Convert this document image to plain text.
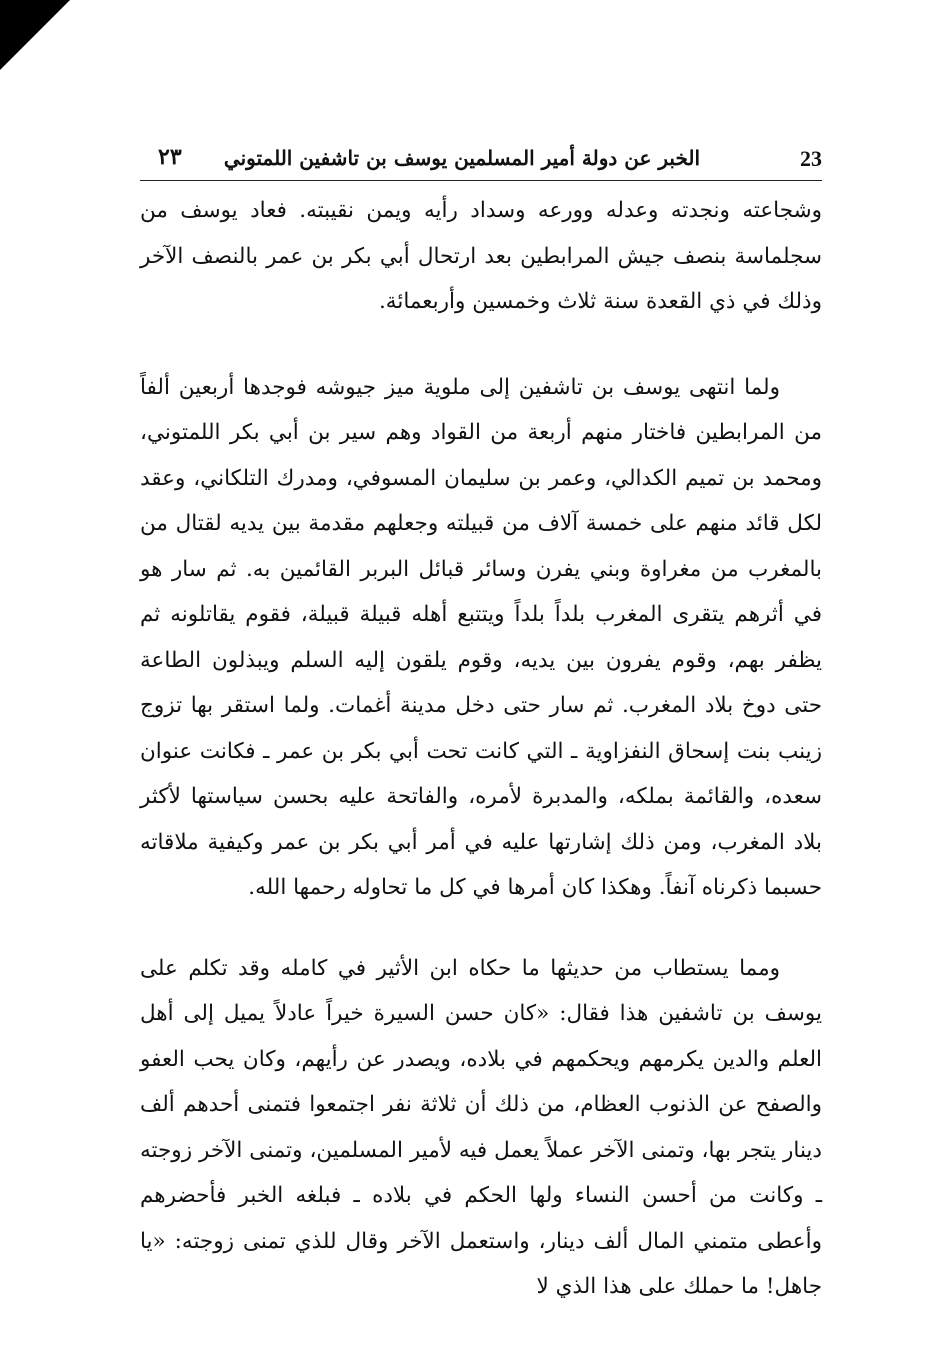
٢٣ الخبر عن دولة أمير المسلمين يوسف بن تاشفين اللمتوني	23

وشجاعته ونجدته وعدله وورعه وسداد رأيه ويمن نقيبته. فعاد يوسف من سجلماسة بنصف جيش المرابطين بعد ارتحال أبي بكر بن عمر بالنصف الآخر وذلك في ذي القعدة سنة ثلاث وخمسين وأربعمائة.

ولما انتهى يوسف بن تاشفين إلى ملوية ميز جيوشه فوجدها أربعين ألفاً من المرابطين فاختار منهم أربعة من القواد وهم سير بن أبي بكر اللمتوني، ومحمد بن تميم الكدالي، وعمر بن سليمان المسوفي، ومدرك التلكاني، وعقد لكل قائد منهم على خمسة آلاف من قبيلته وجعلهم مقدمة بين يديه لقتال من بالمغرب من مغراوة وبني يفرن وسائر قبائل البربر القائمين به. ثم سار هو في أثرهم يتقرى المغرب بلداً بلداً ويتتبع أهله قبيلة قبيلة، فقوم يقاتلونه ثم يظفر بهم، وقوم يفرون بين يديه، وقوم يلقون إليه السلم ويبذلون الطاعة حتى دوخ بلاد المغرب. ثم سار حتى دخل مدينة أغمات. ولما استقر بها تزوج زينب بنت إسحاق النفزاوية ـ التي كانت تحت أبي بكر بن عمر ـ فكانت عنوان سعده، والقائمة بملكه، والمدبرة لأمره، والفاتحة عليه بحسن سياستها لأكثر بلاد المغرب، ومن ذلك إشارتها عليه في أمر أبي بكر بن عمر وكيفية ملاقاته حسبما ذكرناه آنفاً. وهكذا كان أمرها في كل ما تحاوله رحمها الله.

ومما يستطاب من حديثها ما حكاه ابن الأثير في كامله وقد تكلم على يوسف بن تاشفين هذا فقال: «كان حسن السيرة خيراً عادلاً يميل إلى أهل العلم والدين يكرمهم ويحكمهم في بلاده، ويصدر عن رأيهم، وكان يحب العفو والصفح عن الذنوب العظام، من ذلك أن ثلاثة نفر اجتمعوا فتمنى أحدهم ألف دينار يتجر بها، وتمنى الآخر عملاً يعمل فيه لأمير المسلمين، وتمنى الآخر زوجته ـ وكانت من أحسن النساء ولها الحكم في بلاده ـ فبلغه الخبر فأحضرهم وأعطى متمني المال ألف دينار، واستعمل الآخر وقال للذي تمنى زوجته: «يا جاهل! ما حملك على هذا الذي لا
